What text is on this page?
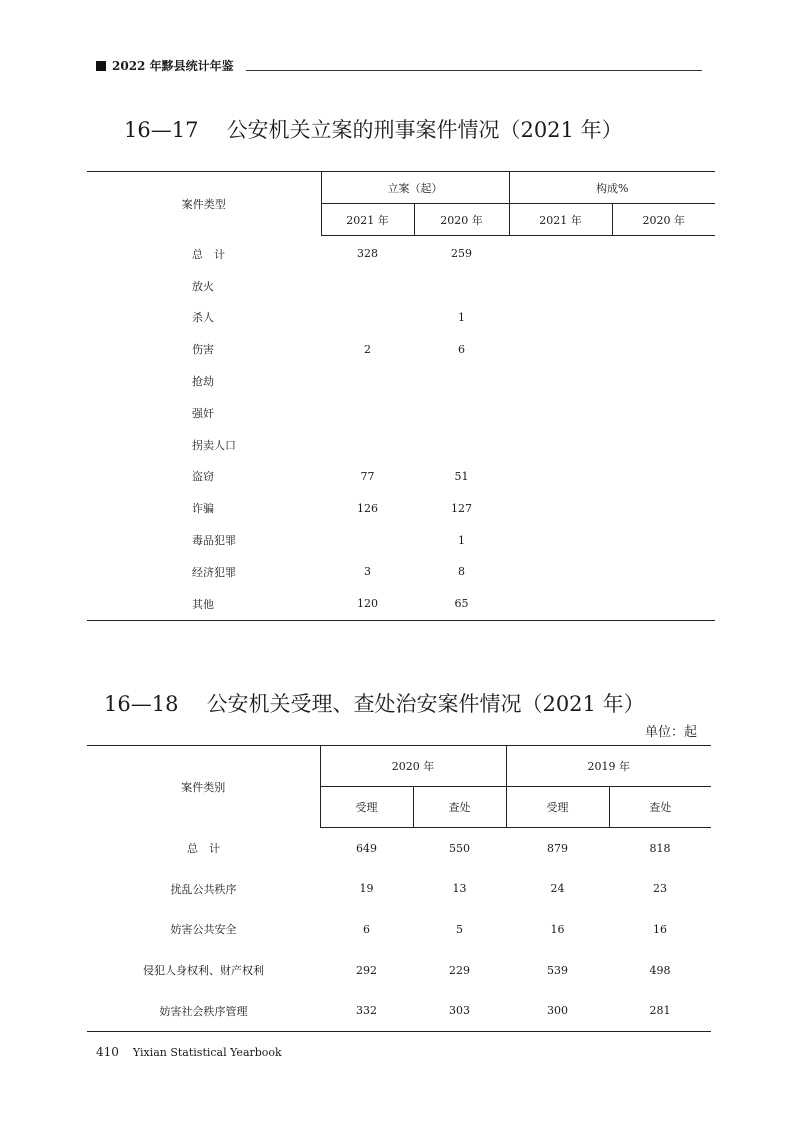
2022 年黟县统计年鉴
16—17 公安机关立案的刑事案件情况（2021 年）
案件类型	立案（起）		构成%	
	2021 年	2020 年	2021 年	2020 年
总　计	328	259		
放火				
杀人		1		
伤害	2	6		
抢劫				
强奸				
拐卖人口				
盗窃	77	51		
诈骗	126	127		
毒品犯罪		1		
经济犯罪	3	8		
其他	120	65		
16—18 公安机关受理、查处治安案件情况（2021 年）
单位：起
案件类别	2020 年		2019 年	
	受理	查处	受理	查处
总　计	649	550	879	818
扰乱公共秩序	19	13	24	23
妨害公共安全	6	5	16	16
侵犯人身权利、财产权利	292	229	539	498
妨害社会秩序管理	332	303	300	281
410 Yixian Statistical Yearbook
